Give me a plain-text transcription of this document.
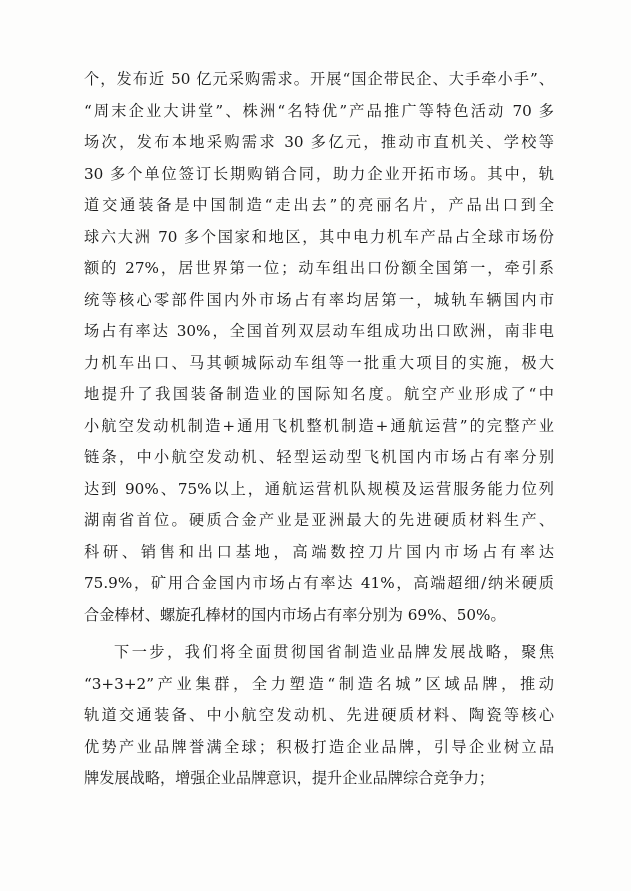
个，发布近 50 亿元采购需求。开展“国企带民企、大手牵小手”、
“周末企业大讲堂”、株洲“名特优”产品推广等特色活动 70 多
场次，发布本地采购需求 30 多亿元，推动市直机关、学校等
30 多个单位签订长期购销合同，助力企业开拓市场。其中，轨
道交通装备是中国制造“走出去”的亮丽名片，产品出口到全
球六大洲 70 多个国家和地区，其中电力机车产品占全球市场份
额的 27%，居世界第一位；动车组出口份额全国第一，牵引系
统等核心零部件国内外市场占有率均居第一，城轨车辆国内市
场占有率达 30%，全国首列双层动车组成功出口欧洲，南非电
力机车出口、马其顿城际动车组等一批重大项目的实施，极大
地提升了我国装备制造业的国际知名度。航空产业形成了“中
小航空发动机制造+通用飞机整机制造+通航运营”的完整产业
链条，中小航空发动机、轻型运动型飞机国内市场占有率分别
达到 90%、75%以上，通航运营机队规模及运营服务能力位列
湖南省首位。硬质合金产业是亚洲最大的先进硬质材料生产、
科研、销售和出口基地，高端数控刀片国内市场占有率达
75.9%，矿用合金国内市场占有率达 41%，高端超细/纳米硬质
合金棒材、螺旋孔棒材的国内市场占有率分别为 69%、50%。
下一步，我们将全面贯彻国省制造业品牌发展战略，聚焦
“3+3+2”产业集群，全力塑造“制造名城”区域品牌，推动
轨道交通装备、中小航空发动机、先进硬质材料、陶瓷等核心
优势产业品牌誉满全球；积极打造企业品牌，引导企业树立品
牌发展战略，增强企业品牌意识，提升企业品牌综合竞争力；
